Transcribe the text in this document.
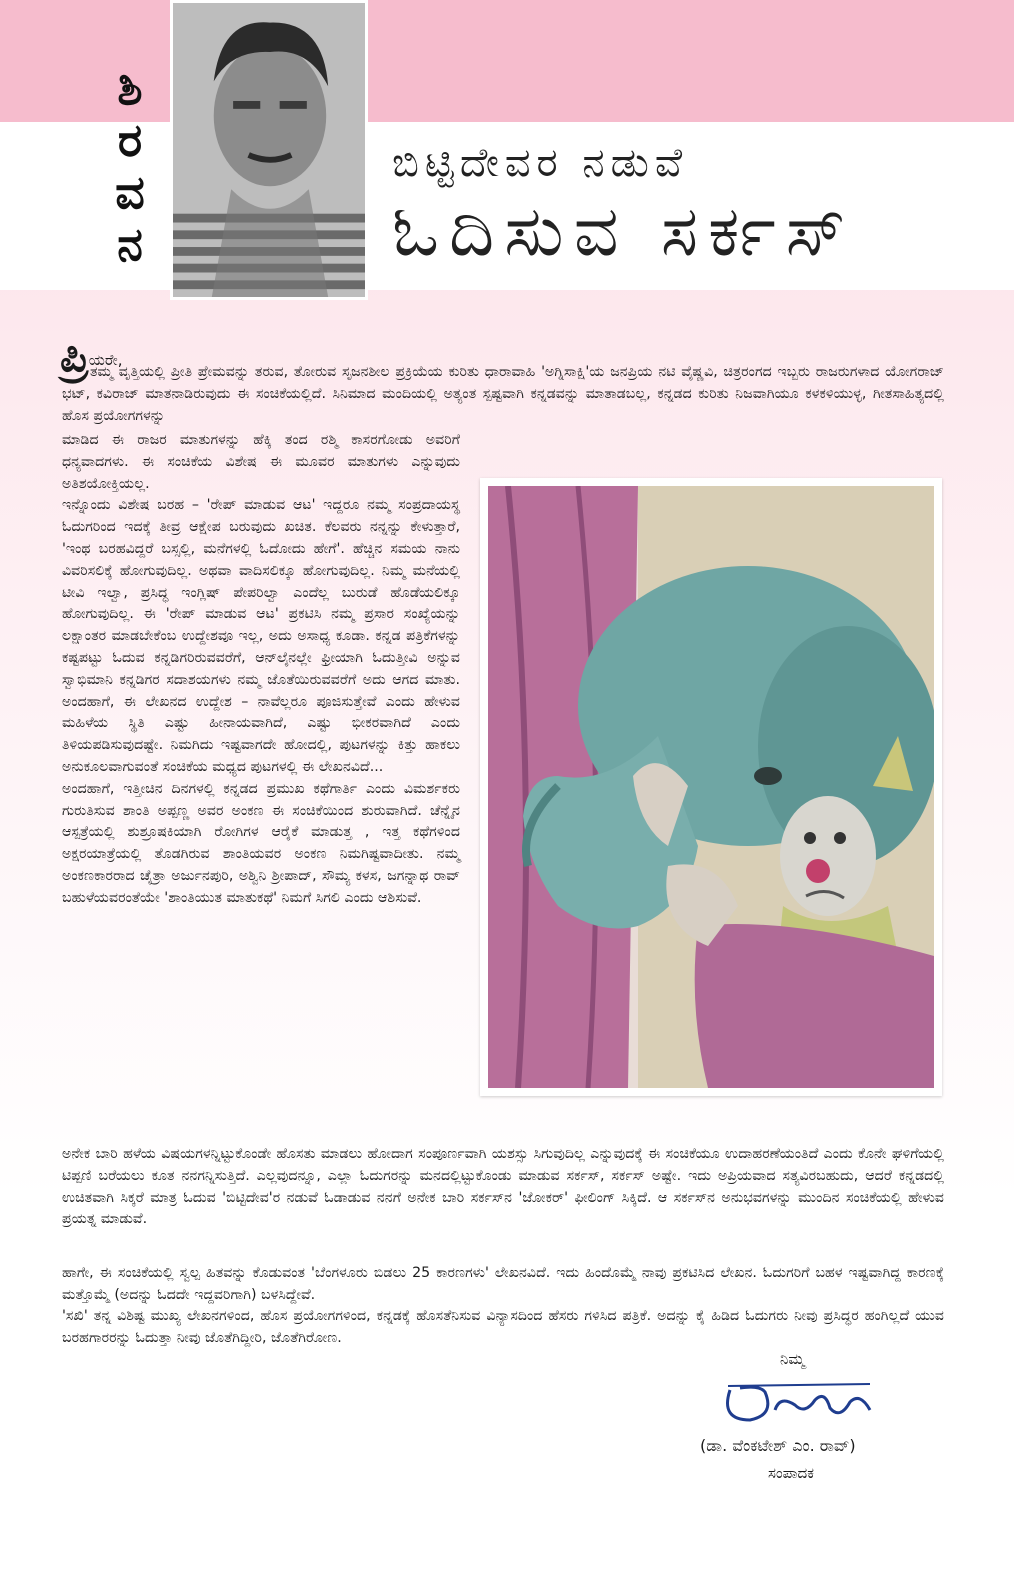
ಶಿ
ರ
ವ
ನ
ಬಿಟ್ಟಿದೇವರ ನಡುವೆ
ಓದಿಸುವ ಸರ್ಕಸ್
ಪ್ರಿಯರೇ,

ತಮ್ಮ ವೃತ್ತಿಯಲ್ಲಿ ಪ್ರೀತಿ ಪ್ರೇಮವನ್ನು ತರುವ, ತೋರುವ ಸೃಜನಶೀಲ ಪ್ರಕ್ರಿಯೆಯ ಕುರಿತು ಧಾರಾವಾಹಿ 'ಅಗ್ನಿಸಾಕ್ಷಿ'ಯ ಜನಪ್ರಿಯ ನಟಿ ವೈಷ್ಣವಿ, ಚಿತ್ರರಂಗದ ಇಬ್ಬರು ರಾಜರುಗಳಾದ ಯೋಗರಾಜ್ ಭಟ್, ಕವಿರಾಜ್ ಮಾತನಾಡಿರುವುದು ಈ ಸಂಚಿಕೆಯಲ್ಲಿದೆ. ಸಿನಿಮಾದ ಮಂದಿಯಲ್ಲಿ ಅತ್ಯಂತ ಸ್ಪಷ್ಟವಾಗಿ ಕನ್ನಡವನ್ನು ಮಾತಾಡಬಲ್ಲ, ಕನ್ನಡದ ಕುರಿತು ನಿಜವಾಗಿಯೂ ಕಳಕಳಿಯುಳ್ಳ, ಗೀತಸಾಹಿತ್ಯದಲ್ಲಿ ಹೊಸ ಪ್ರಯೋಗಗಳನ್ನು

ಮಾಡಿದ ಈ ರಾಜರ ಮಾತುಗಳನ್ನು ಹೆಕ್ಕಿ ತಂದ ರಶ್ಮಿ ಕಾಸರಗೋಡು ಅವರಿಗೆ ಧನ್ಯವಾದಗಳು. ಈ ಸಂಚಿಕೆಯ ವಿಶೇಷ ಈ ಮೂವರ ಮಾತುಗಳು ಎನ್ನುವುದು ಅತಿಶಯೋಕ್ತಿಯಲ್ಲ.
ಇನ್ನೊಂದು ವಿಶೇಷ ಬರಹ – 'ರೇಪ್ ಮಾಡುವ ಆಟ' ಇದ್ದರೂ ನಮ್ಮ ಸಂಪ್ರದಾಯಸ್ಥ ಓದುಗರಿಂದ ಇದಕ್ಕೆ ತೀವ್ರ ಆಕ್ಷೇಪ ಬರುವುದು ಖಚಿತ. ಕೆಲವರು ನನ್ನನ್ನು ಕೇಳುತ್ತಾರೆ, 'ಇಂಥ ಬರಹವಿದ್ದರೆ ಬಸ್ಸಲ್ಲಿ, ಮನೆಗಳಲ್ಲಿ ಓದೋದು ಹೇಗೆ'. ಹೆಚ್ಚಿನ ಸಮಯ ನಾನು ವಿವರಿಸಲಿಕ್ಕೆ ಹೋಗುವುದಿಲ್ಲ. ಅಥವಾ ವಾದಿಸಲಿಕ್ಕೂ ಹೋಗುವುದಿಲ್ಲ. ನಿಮ್ಮ ಮನೆಯಲ್ಲಿ ಟೀವಿ ಇಲ್ವಾ, ಪ್ರಸಿದ್ಧ ಇಂಗ್ಲಿಷ್ ಪೇಪರಿಲ್ವಾ ಎಂದೆಲ್ಲ ಬುರುಡೆ ಹೊಡೆಯಲಿಕ್ಕೂ ಹೋಗುವುದಿಲ್ಲ. ಈ 'ರೇಪ್ ಮಾಡುವ ಆಟ' ಪ್ರಕಟಿಸಿ ನಮ್ಮ ಪ್ರಸಾರ ಸಂಖ್ಯೆಯನ್ನು ಲಕ್ಷಾಂತರ ಮಾಡಬೇಕೆಂಬ ಉದ್ದೇಶವೂ ಇಲ್ಲ, ಅದು ಅಸಾಧ್ಯ ಕೂಡಾ. ಕನ್ನಡ ಪತ್ರಿಕೆಗಳನ್ನು ಕಷ್ಟಪಟ್ಟು ಓದುವ ಕನ್ನಡಿಗರಿರುವವರೆಗೆ, ಆನ್‌ಲೈನಲ್ಲೇ ಫ್ರೀಯಾಗಿ ಓದುತ್ತೀವಿ ಅನ್ನುವ ಸ್ವಾಭಿಮಾನಿ ಕನ್ನಡಿಗರ ಸದಾಶಯಗಳು ನಮ್ಮ ಜೊತೆಯಿರುವವರೆಗೆ ಅದು ಆಗದ ಮಾತು. ಅಂದಹಾಗೆ, ಈ ಲೇಖನದ ಉದ್ದೇಶ – ನಾವೆಲ್ಲರೂ ಪೂಜಿಸುತ್ತೇವೆ ಎಂದು ಹೇಳುವ ಮಹಿಳೆಯ ಸ್ಥಿತಿ ಎಷ್ಟು ಹೀನಾಯವಾಗಿದೆ, ಎಷ್ಟು ಭೀಕರವಾಗಿದೆ ಎಂದು ತಿಳಿಯಪಡಿಸುವುದಷ್ಟೇ. ನಿಮಗಿದು ಇಷ್ಟವಾಗದೇ ಹೋದಲ್ಲಿ, ಪುಟಗಳನ್ನು ಕಿತ್ತು ಹಾಕಲು ಅನುಕೂಲವಾಗುವಂತೆ ಸಂಚಿಕೆಯ ಮಧ್ಯದ ಪುಟಗಳಲ್ಲಿ ಈ ಲೇಖನವಿದೆ...
ಅಂದಹಾಗೆ, ಇತ್ತೀಚಿನ ದಿನಗಳಲ್ಲಿ ಕನ್ನಡದ ಪ್ರಮುಖ ಕಥೆಗಾರ್ತಿ ಎಂದು ವಿಮರ್ಶಕರು ಗುರುತಿಸುವ ಶಾಂತಿ ಅಪ್ಪಣ್ಣ ಅವರ ಅಂಕಣ ಈ ಸಂಚಿಕೆಯಿಂದ ಶುರುವಾಗಿದೆ. ಚೆನ್ನೈನ ಆಸ್ಪತ್ರೆಯಲ್ಲಿ ಶುಶ್ರೂಷಕಿಯಾಗಿ ರೋಗಿಗಳ ಆರೈಕೆ ಮಾಡುತ್ತ , ಇತ್ತ ಕಥೆಗಳಿಂದ ಅಕ್ಷರಯಾತ್ರೆಯಲ್ಲಿ ತೊಡಗಿರುವ ಶಾಂತಿಯವರ ಅಂಕಣ ನಿಮಗಿಷ್ಟವಾದೀತು. ನಮ್ಮ ಅಂಕಣಕಾರರಾದ ಚೈತ್ರಾ ಅರ್ಜುನಪುರಿ, ಅಶ್ವಿನಿ ಶ್ರೀಪಾದ್, ಸೌಮ್ಯ ಕಳಸ, ಜಗನ್ನಾಥ ರಾವ್ ಬಹುಳೆಯವರಂತೆಯೇ 'ಶಾಂತಿಯುತ ಮಾತುಕಥೆ' ನಿಮಗೆ ಸಿಗಲಿ ಎಂದು ಆಶಿಸುವೆ.

ಅನೇಕ ಬಾರಿ ಹಳೆಯ ವಿಷಯಗಳನ್ನಿಟ್ಟುಕೊಂಡೇ ಹೊಸತು ಮಾಡಲು ಹೋದಾಗ ಸಂಪೂರ್ಣವಾಗಿ ಯಶಸ್ಸು ಸಿಗುವುದಿಲ್ಲ ಎನ್ನುವುದಕ್ಕೆ ಈ ಸಂಚಿಕೆಯೂ ಉದಾಹರಣೆಯಂತಿದೆ ಎಂದು ಕೊನೇ ಘಳಿಗೆಯಲ್ಲಿ ಟಿಪ್ಪಣಿ ಬರೆಯಲು ಕೂತ ನನಗನ್ನಿಸುತ್ತಿದೆ. ಎಲ್ಲವುದನ್ನೂ, ಎಲ್ಲಾ ಓದುಗರನ್ನು ಮನದಲ್ಲಿಟ್ಟುಕೊಂಡು ಮಾಡುವ ಸರ್ಕಸ್, ಸರ್ಕಸ್ ಅಷ್ಟೇ. ಇದು ಅಪ್ರಿಯವಾದ ಸತ್ಯವಿರಬಹುದು, ಆದರೆ ಕನ್ನಡದಲ್ಲಿ ಉಚಿತವಾಗಿ ಸಿಕ್ಕರೆ ಮಾತ್ರ ಓದುವ 'ಬಿಟ್ಟಿದೇವ'ರ ನಡುವೆ ಓಡಾಡುವ ನನಗೆ ಅನೇಕ ಬಾರಿ ಸರ್ಕಸ್‌ನ 'ಜೋಕರ್' ಫೀಲಿಂಗ್ ಸಿಕ್ಕಿದೆ. ಆ ಸರ್ಕಸ್‌ನ ಅನುಭವಗಳನ್ನು ಮುಂದಿನ ಸಂಚಿಕೆಯಲ್ಲಿ ಹೇಳುವ ಪ್ರಯತ್ನ ಮಾಡುವೆ.

ಹಾಗೇ, ಈ ಸಂಚಿಕೆಯಲ್ಲಿ ಸ್ವಲ್ಪ ಹಿತವನ್ನು ಕೊಡುವಂತ 'ಬೆಂಗಳೂರು ಬಿಡಲು 25 ಕಾರಣಗಳು' ಲೇಖನವಿದೆ. ಇದು ಹಿಂದೊಮ್ಮೆ ನಾವು ಪ್ರಕಟಿಸಿದ ಲೇಖನ. ಓದುಗರಿಗೆ ಬಹಳ ಇಷ್ಟವಾಗಿದ್ದ ಕಾರಣಕ್ಕೆ ಮತ್ತೊಮ್ಮೆ (ಅದನ್ನು ಓದದೇ ಇದ್ದವರಿಗಾಗಿ) ಬಳಸಿದ್ದೇವೆ.

'ಸಖಿ' ತನ್ನ ವಿಶಿಷ್ಟ ಮುಖ್ಯ ಲೇಖನಗಳಿಂದ, ಹೊಸ ಪ್ರಯೋಗಗಳಿಂದ, ಕನ್ನಡಕ್ಕೆ ಹೊಸತೆನಿಸುವ ವಿನ್ಯಾಸದಿಂದ ಹೆಸರು ಗಳಿಸಿದ ಪತ್ರಿಕೆ. ಅದನ್ನು ಕೈ ಹಿಡಿದ ಓದುಗರು ನೀವು ಪ್ರಸಿದ್ಧರ ಹಂಗಿಲ್ಲದೆ ಯುವ ಬರಹಗಾರರನ್ನು ಓದುತ್ತಾ ನೀವು ಜೊತೆಗಿದ್ದೀರಿ, ಜೊತೆಗಿರೋಣ.

ನಿಮ್ಮ
(ಡಾ. ವೆಂಕಟೇಶ್ ಎಂ. ರಾವ್)
ಸಂಪಾದಕ
